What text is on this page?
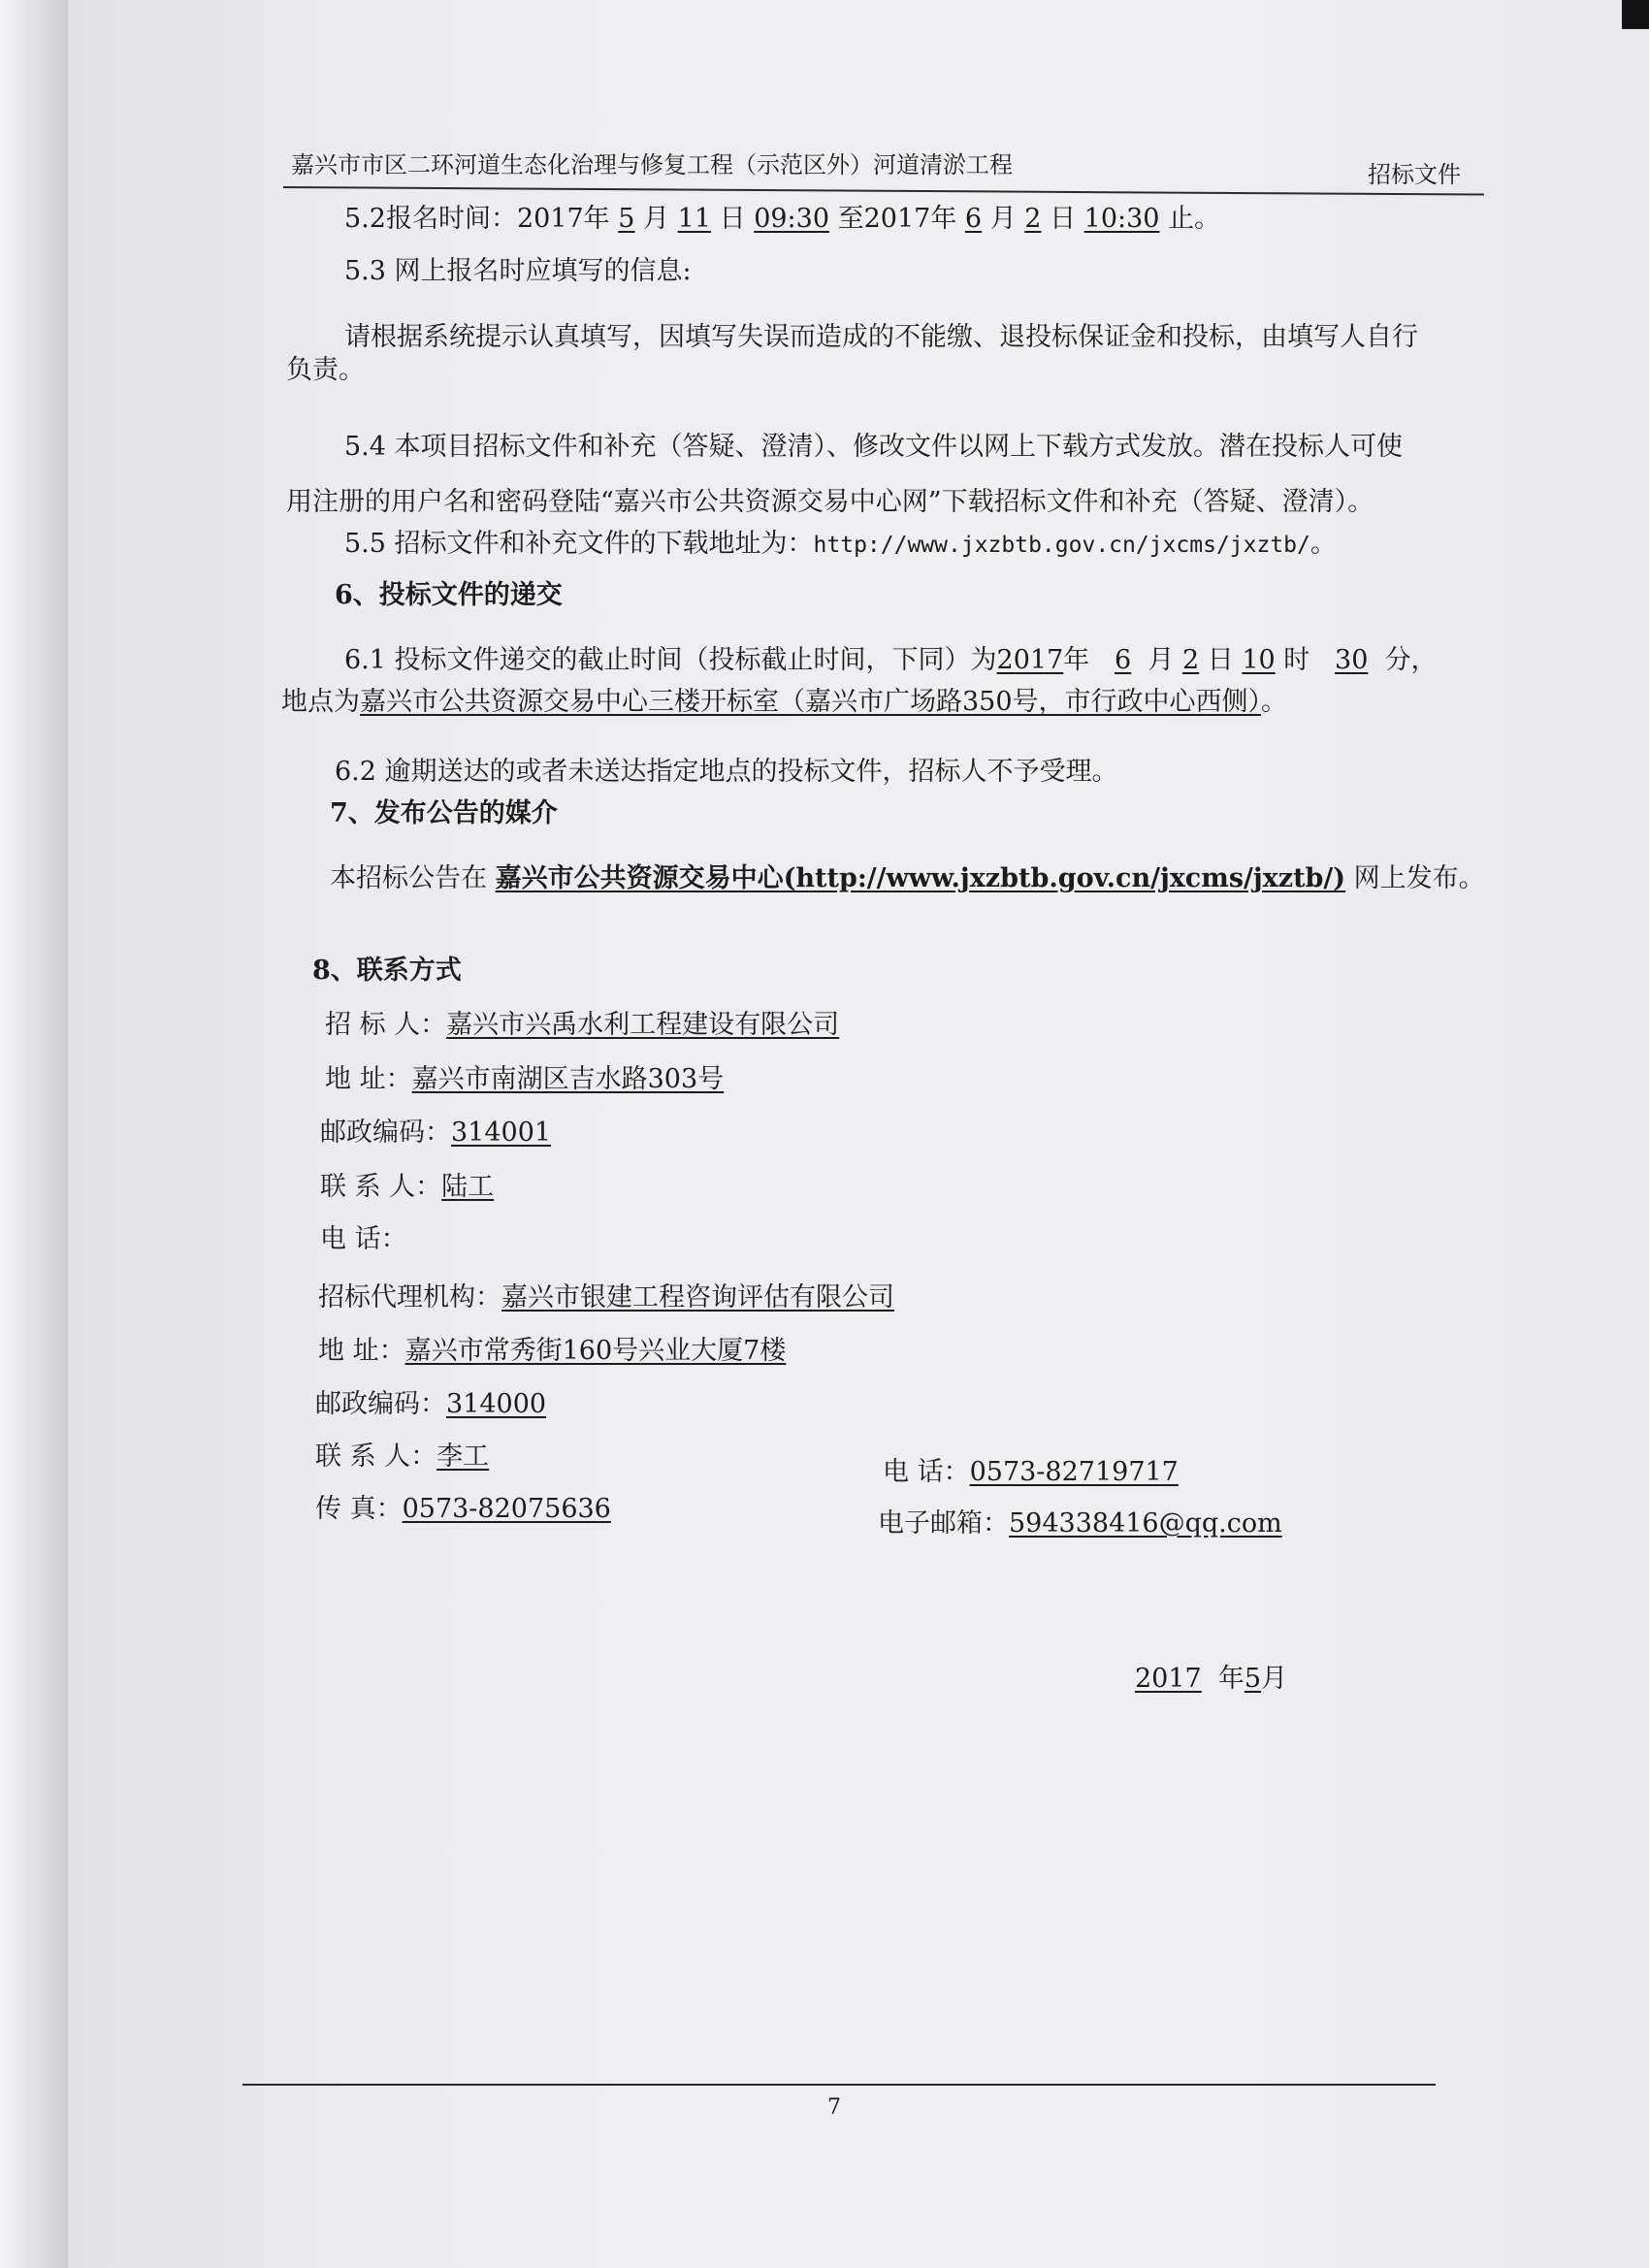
嘉兴市市区二环河道生态化治理与修复工程（示范区外）河道清淤工程	招标文件
5.2报名时间：2017年 5 月 11 日 09:30 至2017年 6 月 2 日 10:30 止。
5.3 网上报名时应填写的信息:
请根据系统提示认真填写，因填写失误而造成的不能缴、退投标保证金和投标，由填写人自行
负责。
5.4 本项目招标文件和补充（答疑、澄清）、修改文件以网上下载方式发放。潜在投标人可使
用注册的用户名和密码登陆“嘉兴市公共资源交易中心网”下载招标文件和补充（答疑、澄清）。
5.5 招标文件和补充文件的下载地址为：http://www.jxzbtb.gov.cn/jxcms/jxztb/。
6、投标文件的递交
6.1 投标文件递交的截止时间（投标截止时间，下同）为2017年 6 月 2 日 10 时 30 分，
地点为嘉兴市公共资源交易中心三楼开标室（嘉兴市广场路350号，市行政中心西侧）。
6.2 逾期送达的或者未送达指定地点的投标文件，招标人不予受理。
7、发布公告的媒介
本招标公告在 嘉兴市公共资源交易中心(http://www.jxzbtb.gov.cn/jxcms/jxztb/) 网上发布。
8、联系方式
招 标 人：嘉兴市兴禹水利工程建设有限公司
地 址：嘉兴市南湖区吉水路303号
邮政编码：314001
联 系 人：陆工
电 话：
招标代理机构：嘉兴市银建工程咨询评估有限公司
地 址：嘉兴市常秀街160号兴业大厦7楼
邮政编码：314000
联 系 人：李工
电 话：0573-82719717
传 真：0573-82075636	电子邮箱：594338416@qq.com
2017 年5月
7
